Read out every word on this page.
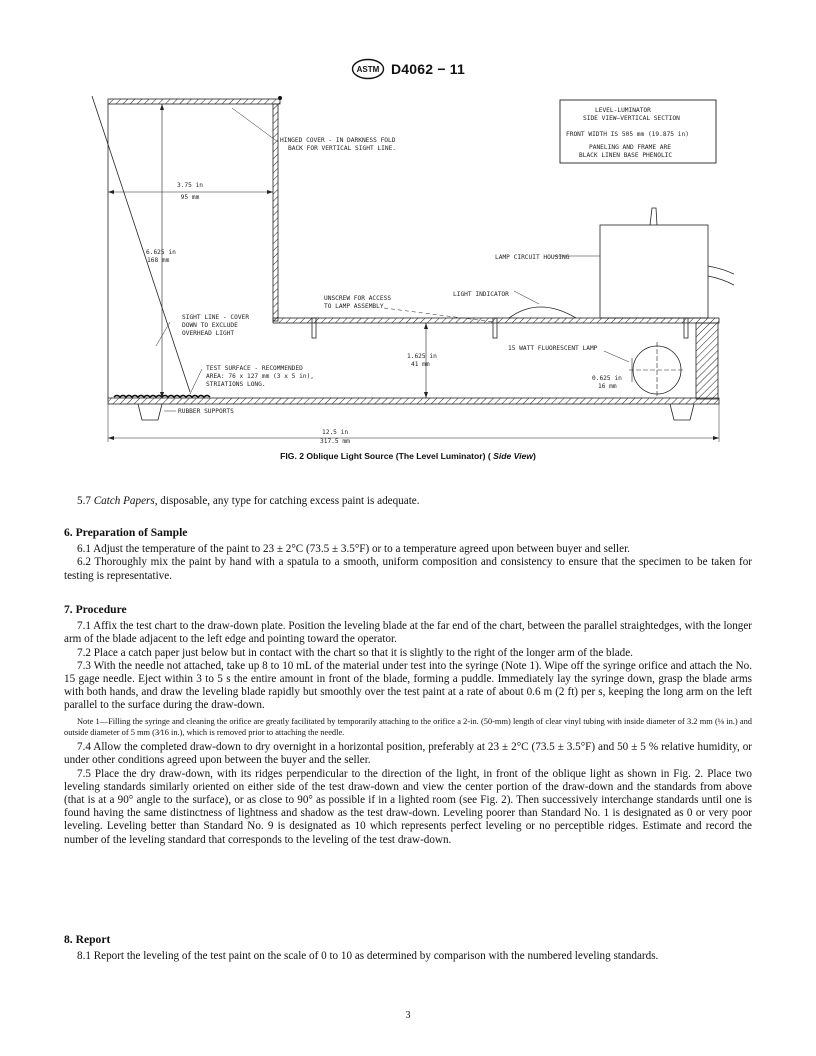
ASTM D4062 − 11
HINGED COVER - IN DARKNESS FOLD
BACK FOR VERTICAL SIGHT LINE.
LEVEL-LUMINATOR
SIDE VIEW—VERTICAL SECTION
FRONT WIDTH IS 505 mm (19.875 in)
PANELING AND FRAME ARE
BLACK LINEN BASE PHENOLIC
3.75 in
95 mm
6.625 in
168 mm	LAMP CIRCUIT HOUSING
LIGHT INDICATOR
UNSCREW FOR ACCESS
TO LAMP ASSEMBLY
SIGHT LINE - COVER
DOWN TO EXCLUDE
OVERHEAD LIGHT
15 WATT FLUORESCENT LAMP
1.625 in
41 mm
TEST SURFACE - RECOMMENDED
AREA: 76 x 127 mm (3 x 5 in),
STRIATIONS LONG.
0.625 in
16 mm
RUBBER SUPPORTS
12.5 in
317.5 mm
FIG. 2 Oblique Light Source (The Level Luminator) ( Side View)

5.7 Catch Papers, disposable, any type for catching excess paint is adequate.

6. Preparation of Sample

6.1 Adjust the temperature of the paint to 23 ± 2°C (73.5 ± 3.5°F) or to a temperature agreed upon between buyer and seller.

6.2 Thoroughly mix the paint by hand with a spatula to a smooth, uniform composition and consistency to ensure that the specimen to be taken for testing is representative.

7. Procedure

7.1 Affix the test chart to the draw-down plate. Position the leveling blade at the far end of the chart, between the parallel straightedges, with the longer arm of the blade adjacent to the left edge and pointing toward the operator.

7.2 Place a catch paper just below but in contact with the chart so that it is slightly to the right of the longer arm of the blade.

7.3 With the needle not attached, take up 8 to 10 mL of the material under test into the syringe (Note 1). Wipe off the syringe orifice and attach the No. 15 gage needle. Eject within 3 to 5 s the entire amount in front of the blade, forming a puddle. Immediately lay the syringe down, grasp the blade arms with both hands, and draw the leveling blade rapidly but smoothly over the test paint at a rate of about 0.6 m (2 ft) per s, keeping the long arm on the left parallel to the surface during the draw-down.

Note 1—Filling the syringe and cleaning the orifice are greatly facilitated by temporarily attaching to the orifice a 2-in. (50-mm) length of clear vinyl tubing with inside diameter of 3.2 mm (⅛ in.) and outside diameter of 5 mm (3⁄16 in.), which is removed prior to attaching the needle.

7.4 Allow the completed draw-down to dry overnight in a horizontal position, preferably at 23 ± 2°C (73.5 ± 3.5°F) and 50 ± 5 % relative humidity, or under other conditions agreed upon between the buyer and the seller.

7.5 Place the dry draw-down, with its ridges perpendicular to the direction of the light, in front of the oblique light as shown in Fig. 2. Place two leveling standards similarly oriented on either side of the test draw-down and view the center portion of the draw-down and the standards from above (that is at a 90° angle to the surface), or as close to 90° as possible if in a lighted room (see Fig. 2). Then successively interchange standards until one is found having the same distinctness of lightness and shadow as the test draw-down. Leveling poorer than Standard No. 1 is designated as 0 or very poor leveling. Leveling better than Standard No. 9 is designated as 10 which represents perfect leveling or no perceptible ridges. Estimate and record the number of the leveling standard that corresponds to the leveling of the test draw-down.

8. Report

8.1 Report the leveling of the test paint on the scale of 0 to 10 as determined by comparison with the numbered leveling standards.

3
